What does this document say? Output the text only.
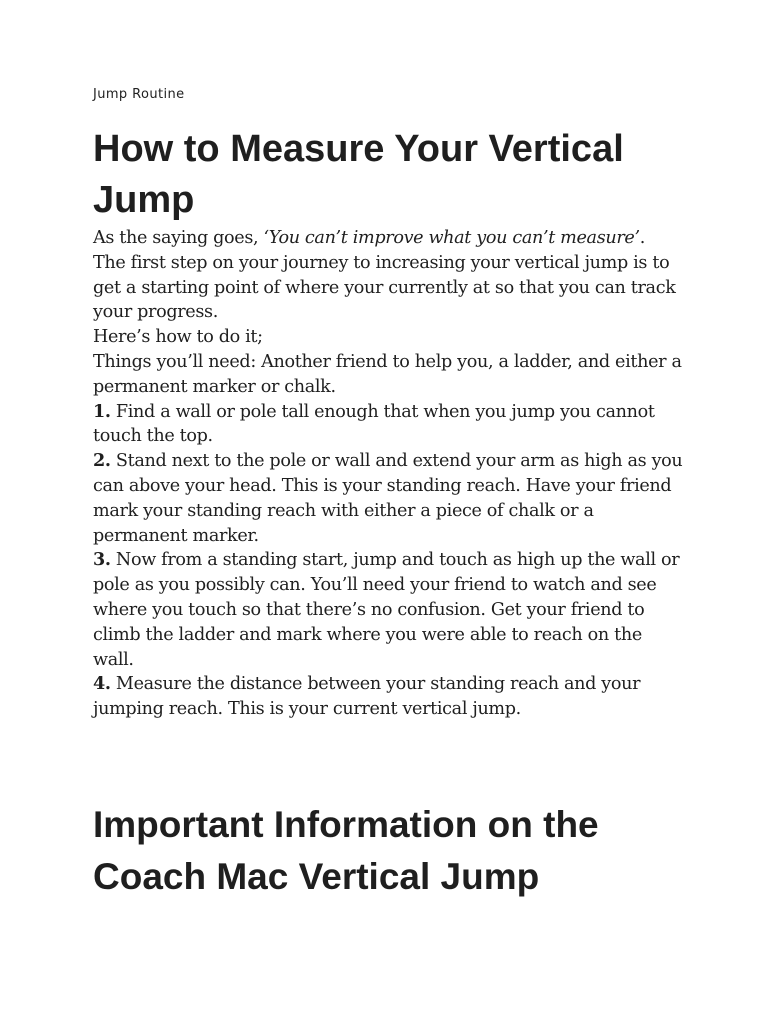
Jump Routine
How to Measure Your Vertical Jump
As the saying goes, ‘You can’t improve what you can’t measure’.
The first step on your journey to increasing your vertical jump is to get a starting point of where your currently at so that you can track your progress.
Here’s how to do it;
Things you’ll need: Another friend to help you, a ladder, and either a permanent marker or chalk.
1. Find a wall or pole tall enough that when you jump you cannot touch the top.
2. Stand next to the pole or wall and extend your arm as high as you can above your head. This is your standing reach. Have your friend mark your standing reach with either a piece of chalk or a permanent marker.
3. Now from a standing start, jump and touch as high up the wall or pole as you possibly can. You’ll need your friend to watch and see where you touch so that there’s no confusion. Get your friend to climb the ladder and mark where you were able to reach on the wall.
4. Measure the distance between your standing reach and your jumping reach. This is your current vertical jump.
Important Information on the Coach Mac Vertical Jump
